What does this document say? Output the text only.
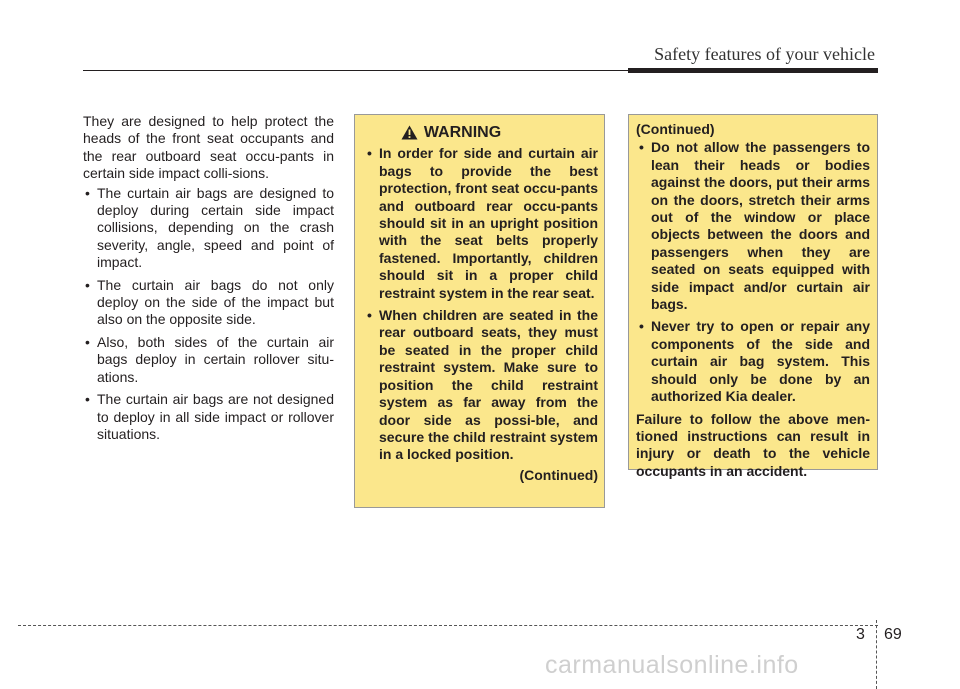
Safety features of your vehicle

They are designed to help protect the heads of the front seat occupants and the rear outboard seat occu-pants in certain side impact colli-sions.

• The curtain air bags are designed to deploy during certain side impact collisions, depending on the crash severity, angle, speed and point of impact.
• The curtain air bags do not only deploy on the side of the impact but also on the opposite side.
• Also, both sides of the curtain air bags deploy in certain rollover situ-ations.
• The curtain air bags are not designed to deploy in all side impact or rollover situations.
WARNING
• In order for side and curtain air bags to provide the best protection, front seat occu-pants and outboard rear occu-pants should sit in an upright position with the seat belts properly fastened. Importantly, children should sit in a proper child restraint system in the rear seat.
• When children are seated in the rear outboard seats, they must be seated in the proper child restraint system. Make sure to position the child restraint system as far away from the door side as possi-ble, and secure the child restraint system in a locked position.
(Continued)
(Continued)
• Do not allow the passengers to lean their heads or bodies against the doors, put their arms on the doors, stretch their arms out of the window or place objects between the doors and passengers when they are seated on seats equipped with side impact and/or curtain air bags.
• Never try to open or repair any components of the side and curtain air bag system. This should only be done by an authorized Kia dealer.
Failure to follow the above men-tioned instructions can result in injury or death to the vehicle occupants in an accident.
3 69
carmanualsonline.info
